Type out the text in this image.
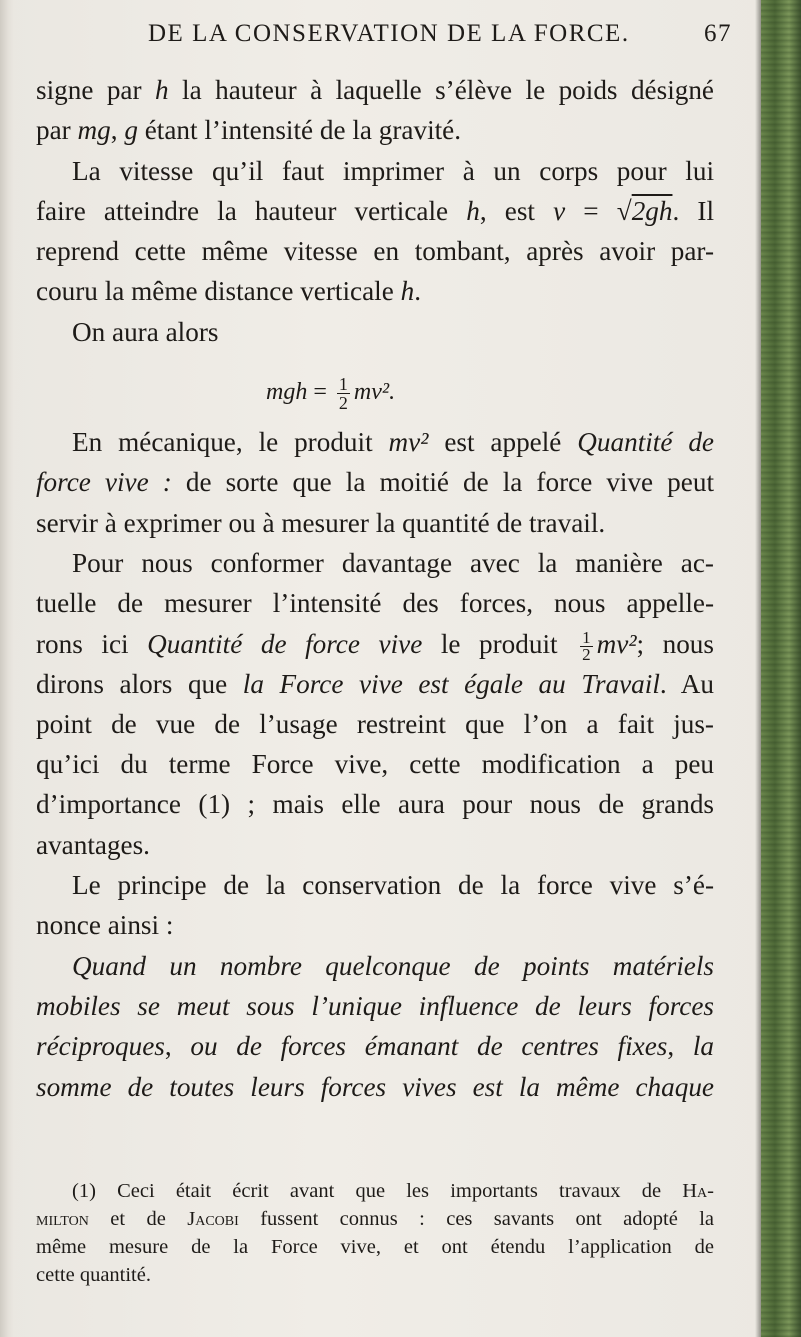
DE LA CONSERVATION DE LA FORCE.	67
signe par h la hauteur à laquelle s’élève le poids désigné
par mg, g étant l’intensité de la gravité.
La vitesse qu’il faut imprimer à un corps pour lui
faire atteindre la hauteur verticale h, est v = √2gh. Il
reprend cette même vitesse en tombant, après avoir par-
couru la même distance verticale h.
On aura alors
mgh = $\frac{1}{2} mv^2$.
En mécanique, le produit mv² est appelé Quantité de
force vive : de sorte que la moitié de la force vive peut
servir à exprimer ou à mesurer la quantité de travail.
Pour nous conformer davantage avec la manière ac-
tuelle de mesurer l’intensité des forces, nous appelle-
rons ici Quantité de force vive le produit $\frac{1}{2} mv^2$; nous
dirons alors que la Force vive est égale au Travail. Au
point de vue de l’usage restreint que l’on a fait jus-
qu’ici du terme Force vive, cette modification a peu
d’importance (1) ; mais elle aura pour nous de grands
avantages.
Le principe de la conservation de la force vive s’é-
nonce ainsi :
Quand un nombre quelconque de points matériels
mobiles se meut sous l’unique influence de leurs forces
réciproques, ou de forces émanant de centres fixes, la
somme de toutes leurs forces vives est la même chaque
(1) Ceci était écrit avant que les importants travaux de Ha-
milton et de Jacobi fussent connus : ces savants ont adopté la
même mesure de la Force vive, et ont étendu l’application de
cette quantité.
